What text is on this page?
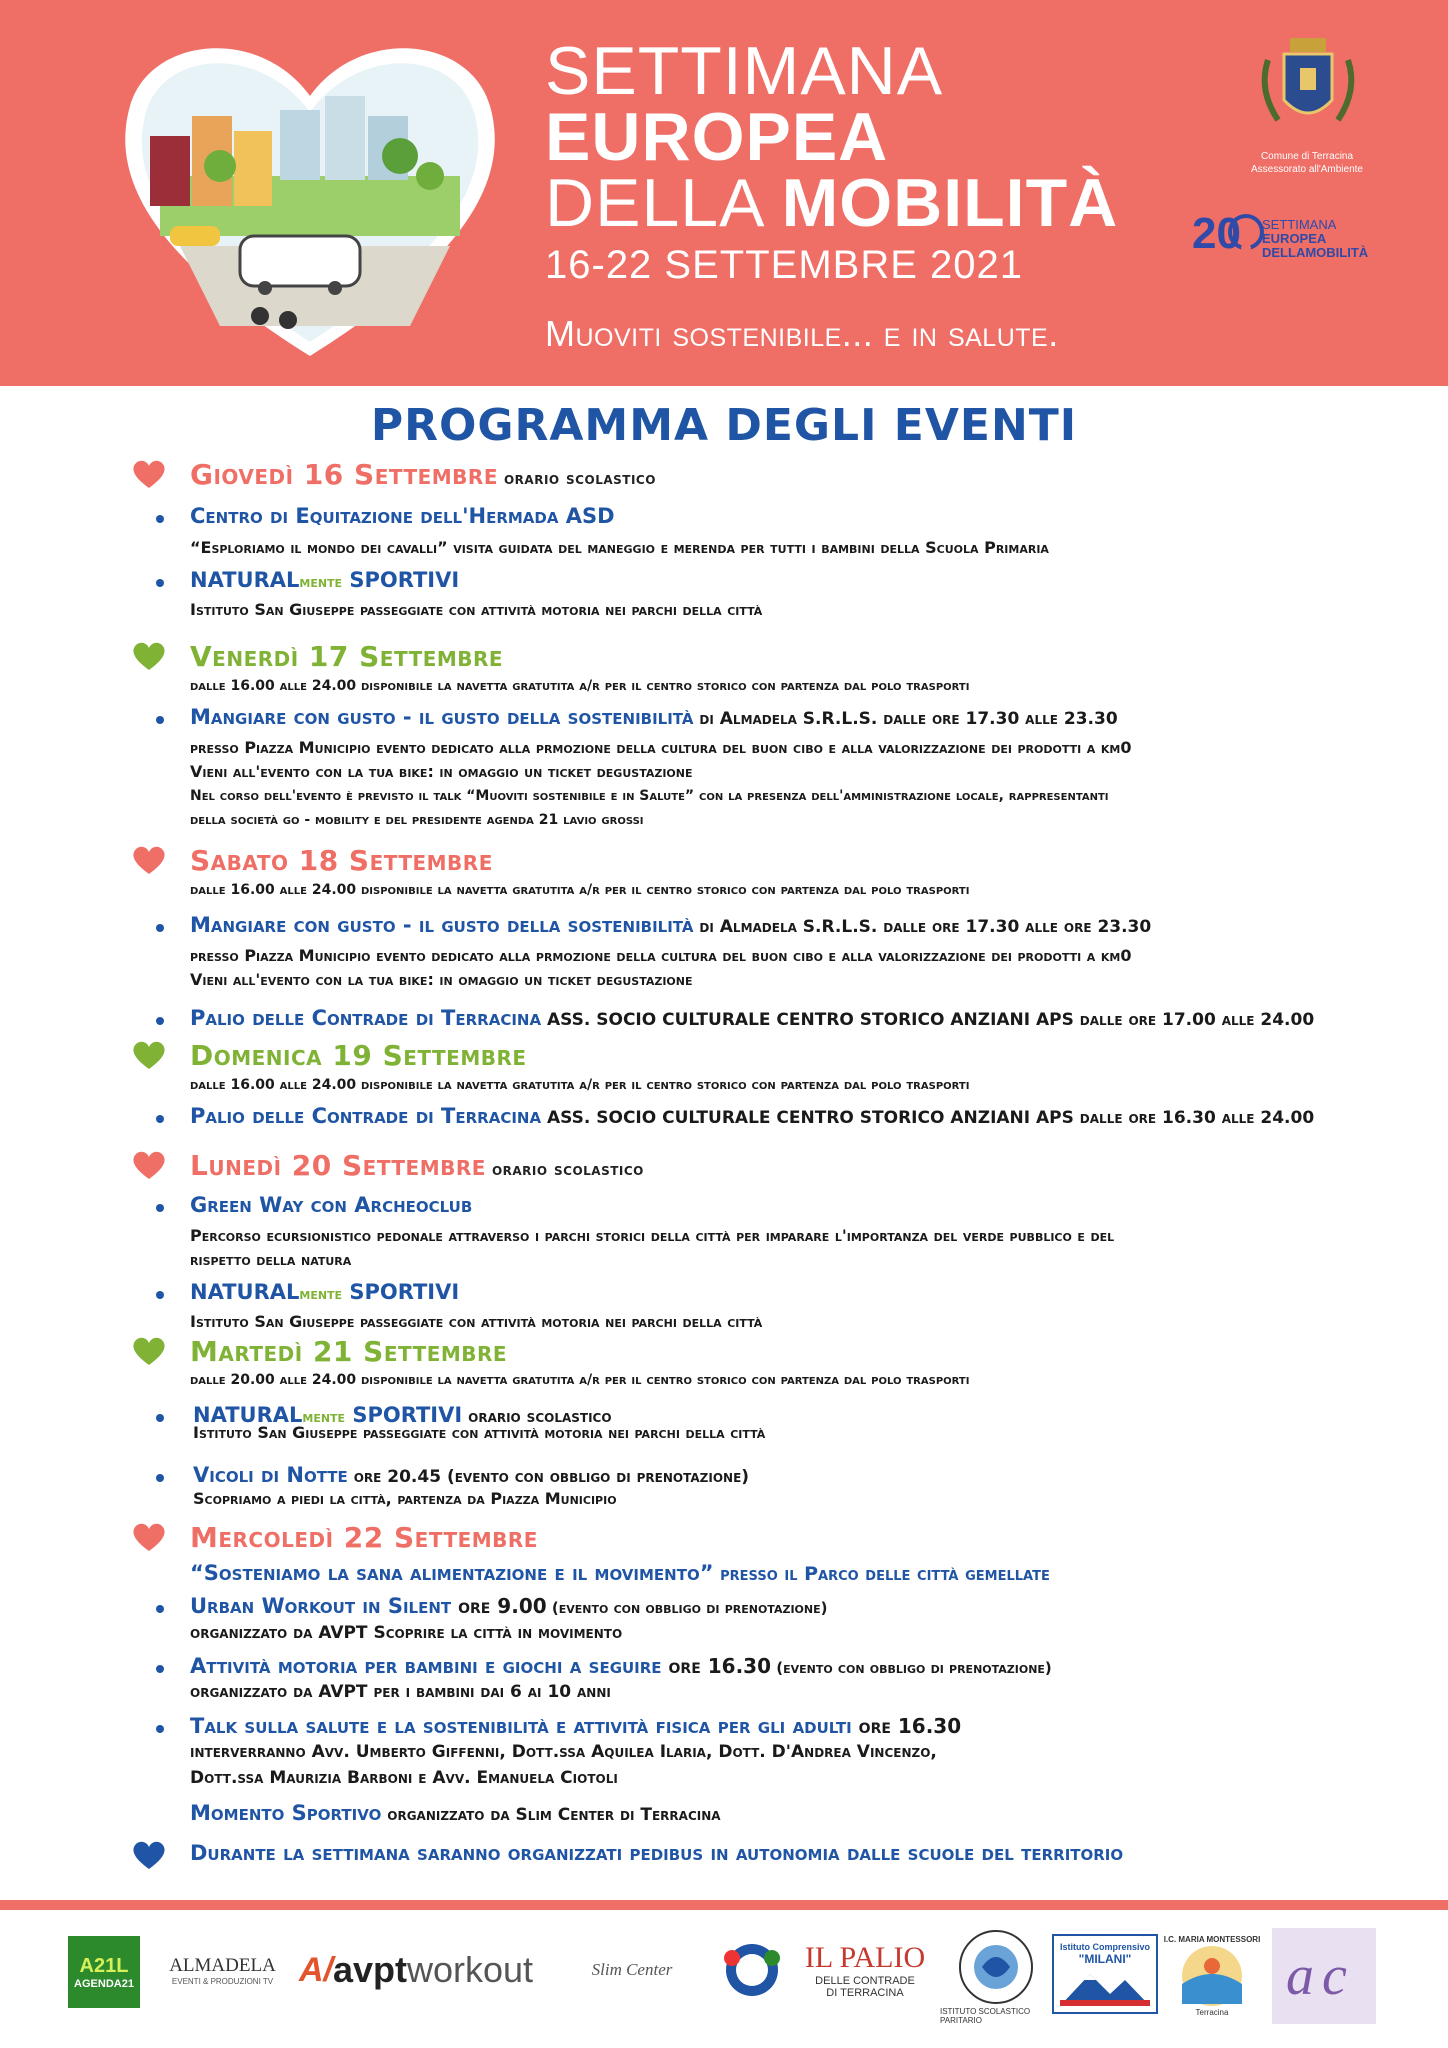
SETTIMANA
EUROPEA
DELLA MOBILITÀ
16-22 SETTEMBRE 2021
Muoviti sostenibile... e in salute.
Comune di Terracina
Assessorato all'Ambiente
20 SETTIMANA
EUROPEA
DELLAMOBILITÀ
PROGRAMMA DEGLI EVENTI
Giovedì 16 Settembre orario scolastico
Centro di Equitazione dell'Hermada ASD
“Esploriamo il mondo dei cavalli” visita guidata del maneggio e merenda per tutti i bambini della Scuola Primaria
NATURALmente SPORTIVI
Istituto San Giuseppe passeggiate con attività motoria nei parchi della città
Venerdì 17 Settembre
dalle 16.00 alle 24.00 disponibile la navetta gratutita a/r per il centro storico con partenza dal polo trasporti
Mangiare con gusto - il gusto della sostenibilità di Almadela S.R.L.S. dalle ore 17.30 alle 23.30
presso Piazza Municipio evento dedicato alla prmozione della cultura del buon cibo e alla valorizzazione dei prodotti a km0
Vieni all'evento con la tua bike: in omaggio un ticket degustazione
Nel corso dell'evento è previsto il talk “Muoviti sostenibile e in Salute” con la presenza dell'amministrazione locale, rappresentanti
della società go - mobility e del presidente agenda 21 lavio grossi
Sabato 18 Settembre
dalle 16.00 alle 24.00 disponibile la navetta gratutita a/r per il centro storico con partenza dal polo trasporti
Mangiare con gusto - il gusto della sostenibilità di Almadela S.R.L.S. dalle ore 17.30 alle ore 23.30
presso Piazza Municipio evento dedicato alla prmozione della cultura del buon cibo e alla valorizzazione dei prodotti a km0
Vieni all'evento con la tua bike: in omaggio un ticket degustazione
Palio delle Contrade di Terracina ASS. SOCIO CULTURALE CENTRO STORICO ANZIANI APS dalle ore 17.00 alle 24.00
Domenica 19 Settembre
dalle 16.00 alle 24.00 disponibile la navetta gratutita a/r per il centro storico con partenza dal polo trasporti
Palio delle Contrade di Terracina ASS. SOCIO CULTURALE CENTRO STORICO ANZIANI APS dalle ore 16.30 alle 24.00
Lunedì 20 Settembre orario scolastico
Green Way con Archeoclub
Percorso ecursionistico pedonale attraverso i parchi storici della città per imparare l'importanza del verde pubblico e del
rispetto della natura
NATURALmente SPORTIVI
Istituto San Giuseppe passeggiate con attività motoria nei parchi della città
Martedì 21 Settembre
dalle 20.00 alle 24.00 disponibile la navetta gratutita a/r per il centro storico con partenza dal polo trasporti
NATURALmente SPORTIVI orario scolastico
Istituto San Giuseppe passeggiate con attività motoria nei parchi della città
Vicoli di Notte ore 20.45 (evento con obbligo di prenotazione)
Scopriamo a piedi la città, partenza da Piazza Municipio
Mercoledì 22 Settembre
“Sosteniamo la sana alimentazione e il movimento” presso il Parco delle città gemellate
Urban Workout in Silent ore 9.00 (evento con obbligo di prenotazione)
organizzato da AVPT Scoprire la città in movimento
Attività motoria per bambini e giochi a seguire ore 16.30 (evento con obbligo di prenotazione)
organizzato da AVPT per i bambini dai 6 ai 10 anni
Talk sulla salute e la sostenibilità e attività fisica per gli adulti ore 16.30
interverranno Avv. Umberto Giffenni, Dott.ssa Aquilea Ilaria, Dott. D'Andrea Vincenzo,
Dott.ssa Maurizia Barboni e Avv. Emanuela Ciotoli
Momento Sportivo organizzato da Slim Center di Terracina
Durante la settimana saranno organizzati pedibus in autonomia dalle scuole del territorio
A21L
AGENDA21
ALMADELA
EVENTI & PRODUZIONI TV A/ avpt workout	Slim Center	IL PALIO
DELLE CONTRADE
DI TERRACINA
ISTITUTO SCOLASTICO PARITARIO
Istituto Comprensivo
"MILANI"
I.C. MARIA MONTESSORI
Terracina
a c
